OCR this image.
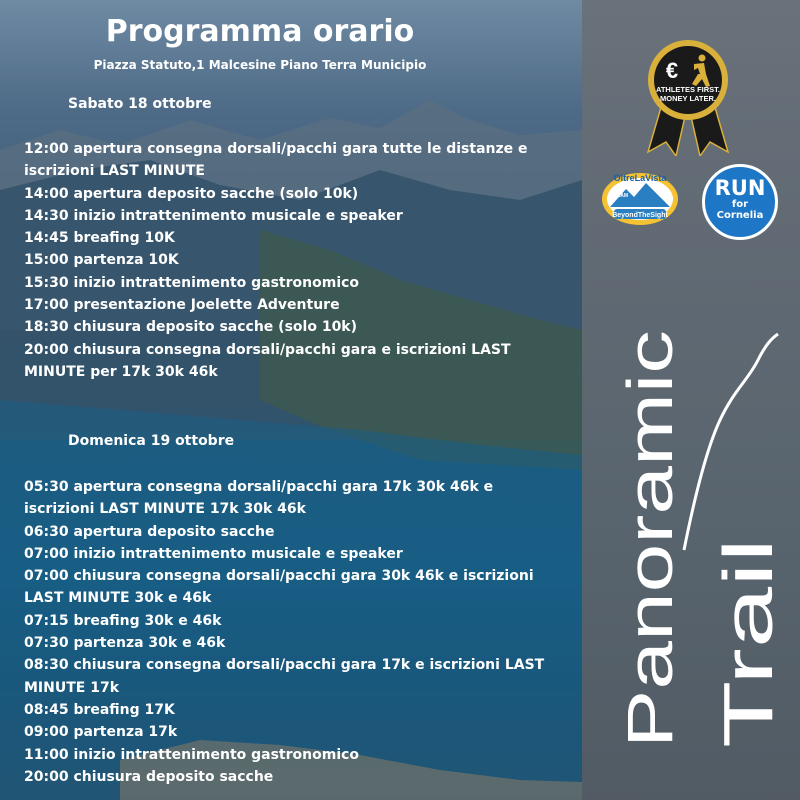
Programma orario
Piazza Statuto,1 Malcesine Piano Terra Municipio
Sabato 18 ottobre
12:00 apertura consegna dorsali/pacchi gara tutte le distanze e
iscrizioni LAST MINUTE
14:00 apertura deposito sacche (solo 10k)
14:30 inizio intrattenimento musicale e speaker
14:45 breafing 10K
15:00 partenza 10K
15:30 inizio intrattenimento gastronomico
17:00 presentazione Joelette Adventure
18:30 chiusura deposito sacche (solo 10k)
20:00 chiusura consegna dorsali/pacchi gara e iscrizioni LAST
MINUTE per 17k 30k 46k
Domenica 19 ottobre
05:30 apertura consegna dorsali/pacchi gara 17k 30k 46k e
iscrizioni LAST MINUTE 17k 30k 46k
06:30 apertura deposito sacche
07:00 inizio intrattenimento musicale e speaker
07:00 chiusura consegna dorsali/pacchi gara 30k 46k e iscrizioni
LAST MINUTE 30k e 46k
07:15 breafing 30k e 46k
07:30 partenza 30k e 46k
08:30 chiusura consegna dorsali/pacchi gara 17k e iscrizioni LAST
MINUTE 17k
08:45 breafing 17K
09:00 partenza 17k
11:00 inizio intrattenimento gastronomico
20:00 chiusura deposito sacche
€
ATHLETES FIRST.
MONEY LATER.
OltreLaVista
TEAM
BeyondTheSight
RUN
for
Cornelia
Panoramic Trail
